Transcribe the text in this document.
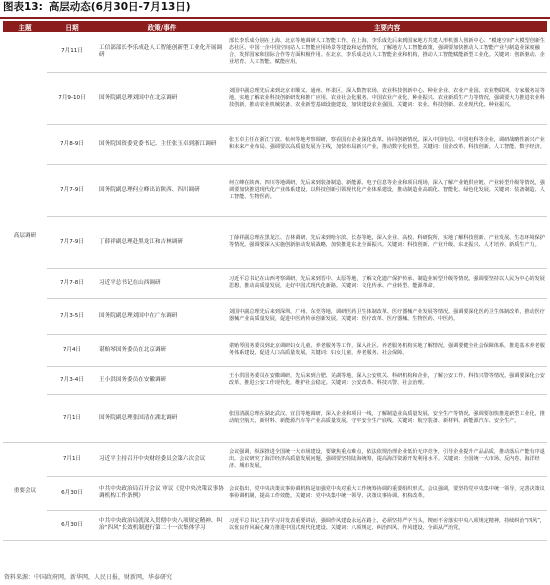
图表13: 高层动态(6月30日-7月13日)
主题	日期	政策/事件	主要内容
高层调研	7月11日	工信部部长李乐成赴人工智能创新型工业化开展调研	部长李乐成分别在上海、北京等地调研人工智能工作。在上海，李乐成先后来到国家地方共建人形机器人创新中心、“模速空间”大模型创新生态社区、中国一企中国空间站人工智能应用场景等建设和运营情况，了解地方人工智能政策，强调要加快推动人工智能产业与制造业深度融合，发挥国家和国际合作等方面积极作用。在北京，李乐成走访人工智能企业和机构，推动人工智能赋能新型工业化。关键词：创新驱动、企业培育、人工智能、赋能应用。
	7月9-10日	国务院副总理刘国中在北京调研	刘国中副总理先后来到北京市顺义、通州、怀柔区，深入数智农场、农业科技创新中心、种业企业、农业产业园、农业物联网、专家服务站等地，实地了解农业科技创新研发和推广应用、农业社会化服务、中国农业产业化、种业振兴、农业新质生产力等情况，强调要大力推进农业科技创新，推动农业机械装备、农业新型基础设施建设，加快建设农业强国。关键词：农业、科技创新、农业现代化、种业振兴。
	7月8-9日	国务院国资委党委书记、主任张玉卓到浙江调研	张玉卓主任在浙江宁波、杭州等地考察调研，察看国有企业深化改革、协同创新情况。深入中国电信、中国电科等企业，调研战略性新兴产业和未来产业布局。强调要以高质量发展为主线，加快布局新兴产业，推动数字化转型。关键词：国企改革、科技创新、人工智能、数字经济。
	7月7-9日	国务院副总理何立峰出访陕西、四川调研	何立峰在陕西、四川等地调研，先后来到装备制造、新能源、电子信息等企业和项目现场，深入了解产业链供应链、产业转型升级等情况，强调要加快推进现代化产业体系建设，以科技创新引领现代化产业体系建设，推动制造业高端化、智能化、绿色化发展。关键词：装备制造、人工智能、生物医药。
	7月7-9日	丁薛祥副总理赴黑龙江和吉林调研	丁薛祥副总理在黑龙江、吉林调研，先后来到哈尔滨、长春等地，深入企业、高校、科研院所，实地了解科技创新、产业发展、生态环境保护等情况。强调要深入实施创新驱动发展战略，加快推进东北全面振兴。关键词：科技创新、产业升级、东北振兴、人才培养、新质生产力。
	7月7-8日	习近平总书记在山西调研	习近平总书记在山西考察调研，先后来到晋中、太原等地，了解文化遗产保护传承、制造业转型升级等情况。强调要坚持以人民为中心的发展思想，推动高质量发展，走好中国式现代化新路。关键词：文化传承、产业转型、能源革命。
	7月3-5日	国务院副总理刘国中在广东调研	刘国中副总理先后来到深圳、广州、东莞等地，调研医药卫生体制改革、医疗器械产业发展等情况。强调要深化医药卫生体制改革，推动医疗器械产业高质量发展，促进中医药传承创新发展。关键词：医疗改革、医疗器械、生物医药、中医药。
	7月4日	谌贻琴国务委员在北京调研	谌贻琴国务委员到北京调研妇女儿童、养老服务等工作，深入社区、养老服务机构实地了解情况。强调要健全社会保障体系，推进基本养老服务体系建设，促进人口高质量发展。关键词：妇女儿童、养老服务、社会保障。
	7月3-4日	王小洪国务委员在安徽调研	王小洪国务委员在安徽调研，先后来到合肥、芜湖等地，深入公安机关、科研机构和企业，了解公安工作、科技兴警等情况。强调要深化公安改革，推进公安工作现代化，维护社会稳定。关键词：公安改革、科技兴警、社会治理。
	7月1日	国务院副总理张国清在湖北调研	张国清副总理在湖北武汉、宜昌等地调研，深入企业和项目一线，了解制造业高质量发展、安全生产等情况。强调要加快推进新型工业化，推动航空航天、新材料、新能源汽车等产业高质量发展，守牢安全生产底线。关键词：航空装备、新材料、新能源汽车、安全生产。
重要会议	7月1日	习近平主持召开中央财经委员会第六次会议	会议强调，纵深推进全国统一大市场建设，要聚焦重点难点，依法依规治理企业低价无序竞争，引导企业提升产品品质，推动落后产能有序退出。会议研究了海洋经济高质量发展问题，强调要坚持陆海统筹，提高海洋资源开发利用水平。关键词：全国统一大市场、反内卷、海洋经济、城市发展。
	6月30日	中共中央政治局召开会议 审议《党中央决策议事协调机构工作条例》	会议指出，党中央决策议事协调机构是加强党中央对重大工作统筹协调的重要组织形式。会议强调，要坚持党中央集中统一领导，完善决策议事协调机制，提高工作效能。关键词：党中央集中统一领导、决策议事协调、机构改革。
	6月30日	中共中央政治局就深入贯彻中央八项规定精神、纠治“四风”长效机制进行第二十一次集体学习	习近平总书记主持学习并发表重要讲话，强调作风建设永远在路上，必须坚持严字当头，锲而不舍落实中央八项规定精神，持续纠治“四风”，以优良作风凝心聚力推进中国式现代化建设。关键词：八项规定、纠治四风、作风建设、全面从严治党。
资料来源：中国政府网，新华网，人民日报，财新网，华泰研究
